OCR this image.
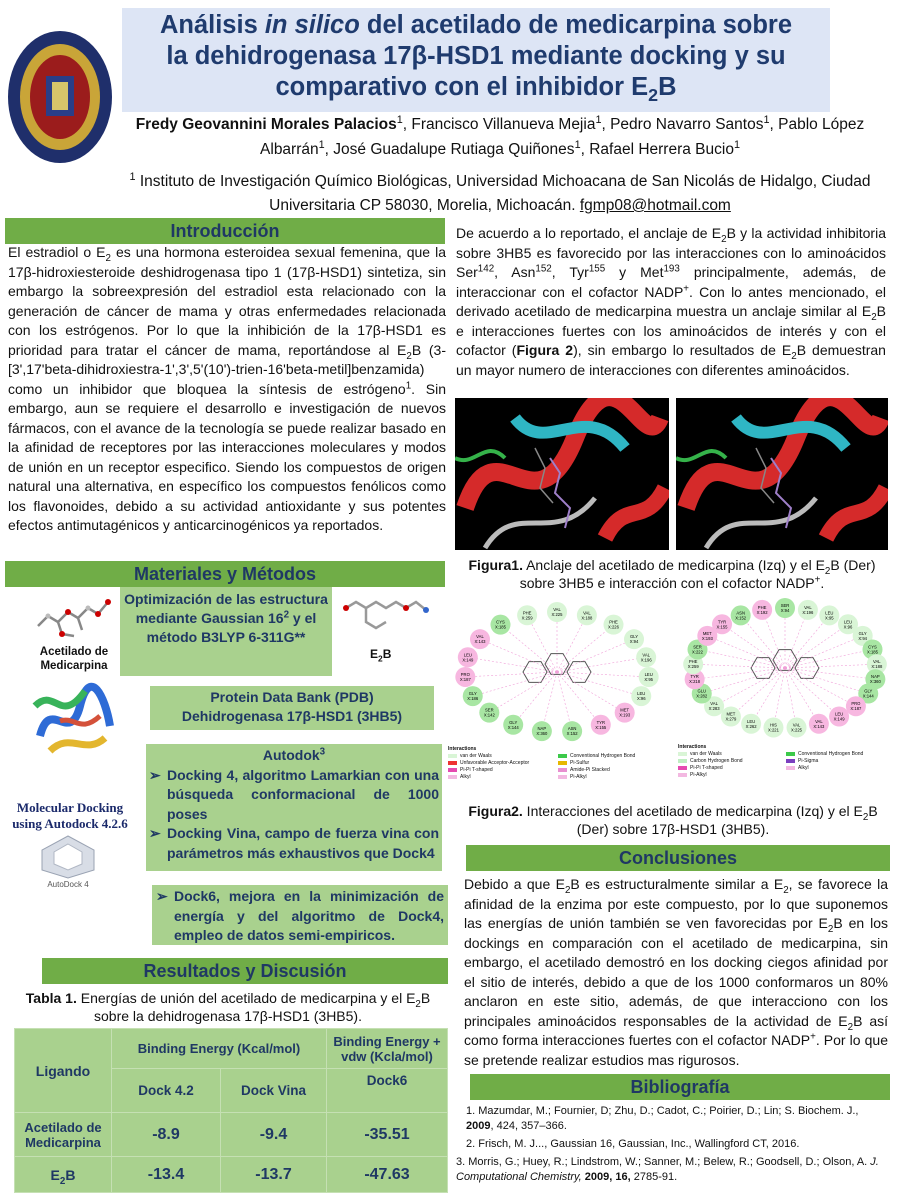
Análisis in silico del acetilado de medicarpina sobre
la dehidrogenasa 17β-HSD1 mediante docking y su
comparativo con el inhibidor $E_2B$
Fredy Geovannini Morales Palacios$^1$, Francisco Villanueva Mejia$^1$, Pedro Navarro Santos$^1$, Pablo López
Albarrán$^1$, José Guadalupe Rutiaga Quiñones$^1$, Rafael Herrera Bucio$^1$
$^1$ Instituto de Investigación Químico Biológicas, Universidad Michoacana de San Nicolás de Hidalgo, Ciudad
Universitaria CP 58030, Morelia, Michoacán. fgmp08@hotmail.com
Introducción
El estradiol o $E_2$ es una hormona esteroidea sexual femenina, que la 17β-hidroxiesteroide deshidrogenasa tipo 1 (17β-HSD1) sintetiza, sin embargo la sobreexpresión del estradiol esta relacionado con la generación de cáncer de mama y otras enfermedades relacionada con los estrógenos. Por lo que la inhibición de la 17β-HSD1 es prioridad para tratar el cáncer de mama, reportándose al $E_2B$ (3-[3',17'beta-dihidroxiestra-1',3',5'(10')-trien-16'beta-metil]benzamida) como un inhibidor que bloquea la síntesis de estrógeno$^1$. Sin embargo, aun se requiere el desarrollo e investigación de nuevos fármacos, con el avance de la tecnología se puede realizar basado en la afinidad de receptores por las interacciones moleculares y modos de unión en un receptor especifico. Siendo los compuestos de origen natural una alternativa, en específico los compuestos fenólicos como los flavonoides, debido a su actividad antioxidante y sus potentes efectos antimutagénicos y anticarcinogénicos ya reportados.
Materiales y Métodos
Acetilado de Medicarpina
Optimización de las estructura mediante Gaussian $16^2$ y el método B3LYP 6-311G**
$E_2B$
Protein Data Bank (PDB)
Dehidrogenasa 17β-HSD1 (3HB5)
Autodok$^3$
➢ Docking 4, algoritmo Lamarkian con una búsqueda conformacional de 1000 poses
➢ Docking Vina, campo de fuerza vina con parámetros más exhaustivos que Dock4
Molecular Docking
using Autodock 4.2.6
AutoDock 4
➢ Dock6, mejora en la minimización de energía y del algoritmo de Dock4, empleo de datos semi-empiricos.
Resultados y Discusión
Tabla 1. Energías de unión del acetilado de medicarpina y el $E_2B$ sobre la dehidrogenasa 17β-HSD1 (3HB5).
Ligando	Binding Energy (Kcal/mol)		Binding Energy + vdw (Kcla/mol)
	Dock 4.2	Dock Vina	Dock6
Acetilado de Medicarpina	-8.9	-9.4	-35.51
$E_2B$	-13.4	-13.7	-47.63
De acuerdo a lo reportado, el anclaje de $E_2B$ y la actividad inhibitoria sobre 3HB5 es favorecido por las interacciones con lo aminoácidos Ser$^{142}$, Asn$^{152}$, Tyr$^{155}$ y Met$^{193}$ principalmente, además, de interaccionar con el cofactor NADP+. Con lo antes mencionado, el derivado acetilado de medicarpina muestra un anclaje similar al $E_2B$ e interacciones fuertes con los aminoácidos de interés y con el cofactor (Figura 2), sin embargo lo resultados de $E_2B$ demuestran un mayor numero de interacciones con diferentes aminoácidos.
Figura1. Anclaje del acetilado de medicarpina (Izq) y el $E_2B$ (Der) sobre 3HB5 e interacción con el cofactor NADP+.
VAL
X:225	VAL
X:188
PHE
X:226
GLY
X:94
VAL
X:196
LEU
X:95
LEU
X:96
MET
X:193
TYR
X:155
ASN
X:152
NAP
X:360
GLY
X:144
SER
X:142
GLY
X:186
PRO
X:187
LEU
X:149
VAL
X:143
CYS
X:185
PHE
X:259
Interactions
van der Waals	Conventional Hydrogen Bond
Unfavorable Acceptor-Acceptor	Pi-Sulfur
Pi-Pi T-shaped	Amide-Pi Stacked
Alkyl	Pi-Alkyl
SER
X:94
VAL
X:196	LEU
X:95
LEU
X:96
GLY
X:94
CYS
X:185
VAL
X:188
NAP
X:360
GLY
X:144
PRO
X:187
LEU
X:149
VAL
X:143
VAL
X:225
HIS
X:221
LEU
X:262
MET
X:279
VAL
X:283
GLU
X:282
TYR
X:218
PHE
X:259
SER
X:222
MET
X:193
TYR
X:155
ASN
X:152
PHE
X:192
Interactions
van der Waals	Conventional Hydrogen Bond
Carbon Hydrogen Bond	Pi-Sigma
Pi-Pi T-shaped	Alkyl
Pi-Alkyl
Figura2. Interacciones del acetilado de medicarpina (Izq) y el $E_2B$ (Der) sobre 17β-HSD1 (3HB5).
Conclusiones
Debido a que $E_2B$ es estructuralmente similar a $E_2$, se favorece la afinidad de la enzima por este compuesto, por lo que suponemos las energías de unión también se ven favorecidas por $E_2B$ en los dockings en comparación con el acetilado de medicarpina, sin embargo, el acetilado demostró en los docking ciegos afinidad por el sitio de interés, debido a que de los 1000 conformaros un 80% anclaron en este sitio, además, de que interacciono con los principales aminoácidos responsables de la actividad de $E_2B$ así como forma interacciones fuertes con el cofactor NADP+. Por lo que se pretende realizar estudios mas rigurosos.
Bibliografía
1. Mazumdar, M.; Fournier, D; Zhu, D.; Cadot, C.; Poirier, D.; Lin; S. Biochem. J., 2009, 424, 357–366.
2. Frisch, M. J..., Gaussian 16, Gaussian, Inc., Wallingford CT, 2016.
3. Morris, G.; Huey, R.; Lindstrom, W.; Sanner, M.; Belew, R.; Goodsell, D.; Olson, A. J. Computational Chemistry, 2009, 16, 2785-91.
